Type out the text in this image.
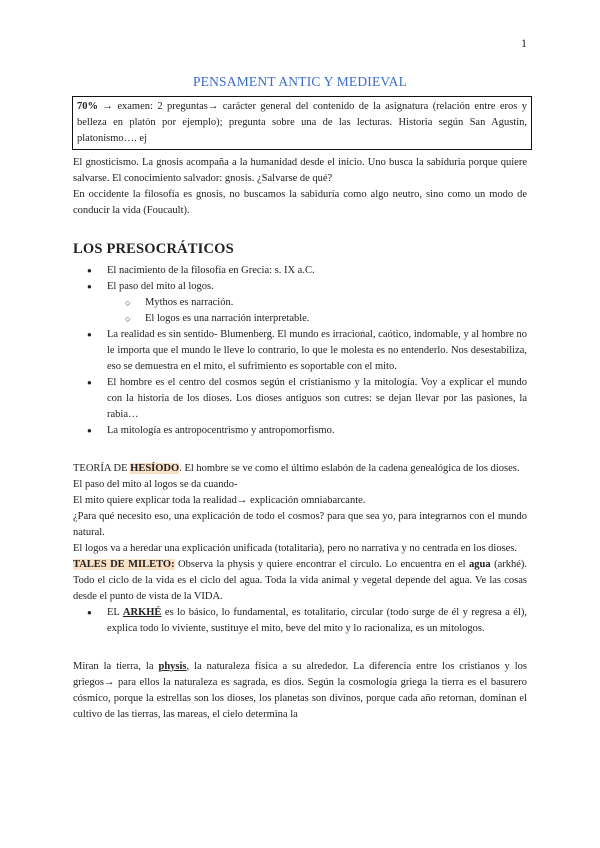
1
PENSAMENT ANTIC Y MEDIEVAL
70% → examen: 2 preguntas→ carácter general del contenido de la asignatura (relación entre eros y belleza en platón por ejemplo); pregunta sobre una de las lecturas. Historia según San Agustín, platonismo…. ej

El gnosticismo. La gnosis acompaña a la humanidad desde el inicio. Uno busca la sabiduria porque quiere salvarse. El conocimiento salvador: gnosis. ¿Salvarse de qué?

En occidente la filosofía es gnosis, no buscamos la sabiduría como algo neutro, sino como un modo de conducir la vida (Foucault).

LOS PRESOCRÁTICOS
● El nacimiento de la filosofía en Grecia: s. IX a.C.
● El paso del mito al logos.
○ Mythos es narración.
○ El logos es una narración interpretable.
● La realidad es sin sentido- Blumenberg. El mundo es irracional, caótico, indomable, y al hombre no le importa que el mundo le lleve lo contrario, lo que le molesta es no entenderlo. Nos desestabiliza, eso se demuestra en el mito, el sufrimiento es soportable con el mito.
● El hombre es el centro del cosmos según el cristianismo y la mitología. Voy a explicar el mundo con la historia de los dioses. Los dioses antiguos son cutres: se dejan llevar por las pasiones, la rabia…
● La mitología es antropocentrismo y antropomorfismo.

TEORÍA DE HESÍODO. El hombre se ve como el último eslabón de la cadena genealógica de los dioses.

El paso del mito al logos se da cuando-

El mito quiere explicar toda la realidad→ explicación omniabarcante.

¿Para qué necesito eso, una explicación de todo el cosmos? para que sea yo, para integrarnos con el mundo natural.

El logos va a heredar una explicación unificada (totalitaria), pero no narrativa y no centrada en los dioses.

TALES DE MILETO: Observa la physis y quiere encontrar el círculo. Lo encuentra en el agua (arkhé). Todo el ciclo de la vida es el ciclo del agua. Toda la vida animal y vegetal depende del agua. Ve las cosas desde el punto de vista de la VIDA.

● EL ARKHÉ es lo básico, lo fundamental, es totalitario, circular (todo surge de él y regresa a él), explica todo lo viviente, sustituye el mito, beve del mito y lo racionaliza, es un mitologos.

Miran la tierra, la physis, la naturaleza física a su alrededor. La diferencia entre los cristianos y los griegos→ para ellos la naturaleza es sagrada, es dios. Según la cosmología griega la tierra es el basurero cósmico, porque la estrellas son los dioses, los planetas son divinos, porque cada año retornan, dominan el cultivo de las tierras, las mareas, el cielo determina la
